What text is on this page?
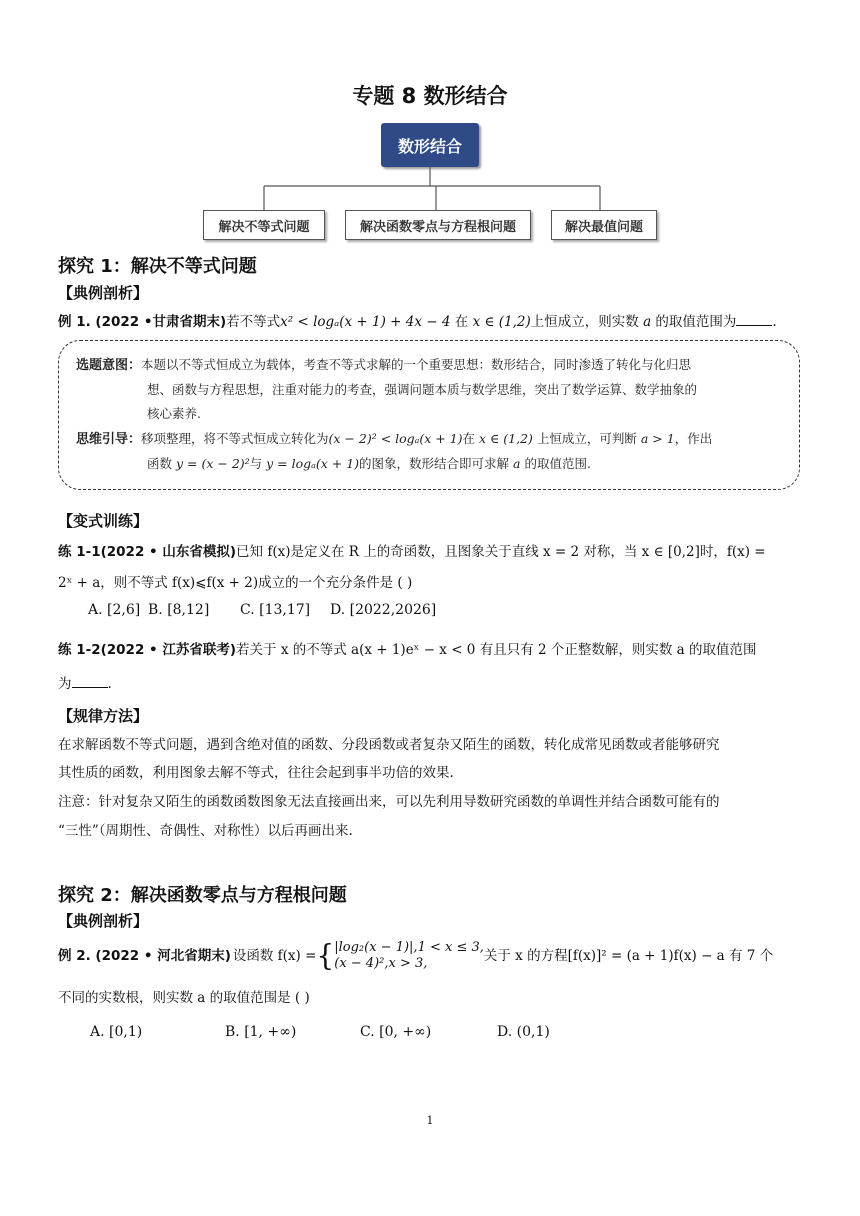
专题 8 数形结合
数形结合
解决不等式问题	解决函数零点与方程根问题	解决最值问题
探究 1：解决不等式问题
【典例剖析】
例 1. (2022 •甘肃省期末)若不等式x² < logₐ(x + 1) + 4x − 4 在 x ∈ (1,2)上恒成立，则实数 a 的取值范围为	.
选题意图：本题以不等式恒成立为载体，考查不等式求解的一个重要思想：数形结合，同时渗透了转化与化归思
想、函数与方程思想，注重对能力的考查，强调问题本质与数学思维，突出了数学运算、数学抽象的
核心素养.
思维引导：移项整理，将不等式恒成立转化为(x − 2)² < logₐ(x + 1)在 x ∈ (1,2) 上恒成立，可判断 a > 1，作出
函数 y = (x − 2)²与 y = logₐ(x + 1)的图象，数形结合即可求解 a 的取值范围.
【变式训练】
练 1-1(2022 • 山东省模拟)已知 f(x)是定义在 R 上的奇函数，且图象关于直线 x = 2 对称，当 x ∈ [0,2]时，f(x) =
2ˣ + a，则不等式 f(x)⩽f(x + 2)成立的一个充分条件是 ( )
A. [2,6] B. [8,12] C. [13,17] D. [2022,2026]
练 1-2(2022 • 江苏省联考)若关于 x 的不等式 a(x + 1)eˣ − x < 0 有且只有 2 个正整数解，则实数 a 的取值范围
为	.
【规律方法】
在求解函数不等式问题，遇到含绝对值的函数、分段函数或者复杂又陌生的函数，转化成常见函数或者能够研究
其性质的函数，利用图象去解不等式，往往会起到事半功倍的效果.
注意：针对复杂又陌生的函数函数图象无法直接画出来，可以先利用导数研究函数的单调性并结合函数可能有的
“三性”（周期性、奇偶性、对称性）以后再画出来.
探究 2：解决函数零点与方程根问题
【典例剖析】
例 2. (2022 • 河北省期末) 设函数 f(x) = { |log₂(x − 1)|,1 < x ≤ 3,
(x − 4)²,x > 3,	关于 x 的方程[f(x)]² = (a + 1)f(x) − a 有 7 个
不同的实数根，则实数 a 的取值范围是 ( )
A. [0,1)	B. [1, +∞)	C. [0, +∞)	D. (0,1)
1
